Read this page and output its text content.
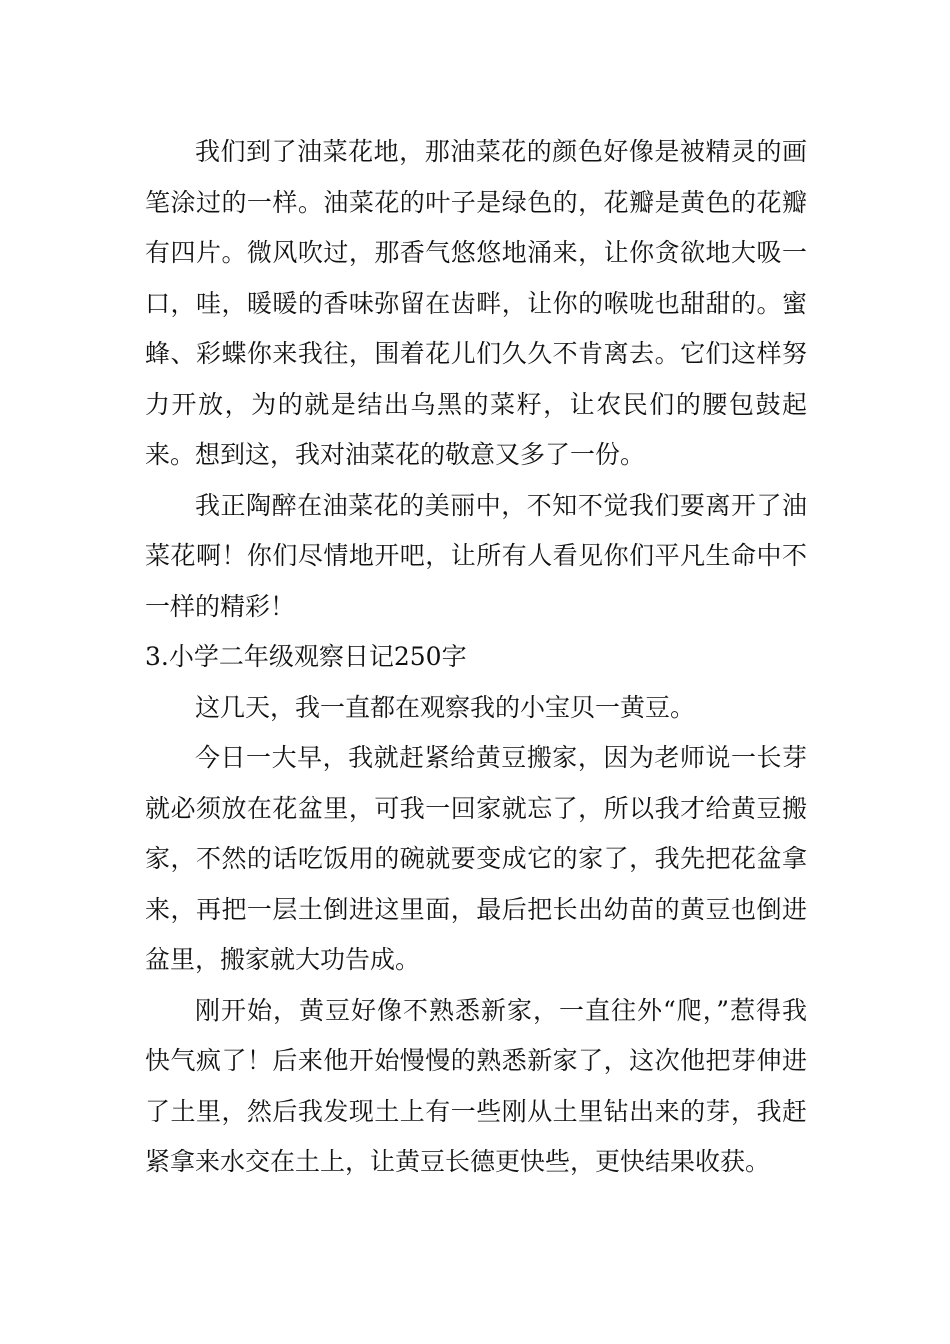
我们到了油菜花地，那油菜花的颜色好像是被精灵的画笔涂过的一样。油菜花的叶子是绿色的，花瓣是黄色的花瓣有四片。微风吹过，那香气悠悠地涌来，让你贪欲地大吸一口，哇，暖暖的香味弥留在齿畔，让你的喉咙也甜甜的。蜜蜂、彩蝶你来我往，围着花儿们久久不肯离去。它们这样努力开放，为的就是结出乌黑的菜籽，让农民们的腰包鼓起来。想到这，我对油菜花的敬意又多了一份。

我正陶醉在油菜花的美丽中，不知不觉我们要离开了油菜花啊！你们尽情地开吧，让所有人看见你们平凡生命中不一样的精彩！

3.小学二年级观察日记250字

这几天，我一直都在观察我的小宝贝一黄豆。

今日一大早，我就赶紧给黄豆搬家，因为老师说一长芽就必须放在花盆里，可我一回家就忘了，所以我才给黄豆搬家，不然的话吃饭用的碗就要变成它的家了，我先把花盆拿来，再把一层土倒进这里面，最后把长出幼苗的黄豆也倒进盆里，搬家就大功告成。

刚开始，黄豆好像不熟悉新家，一直往外“爬，”惹得我快气疯了！后来他开始慢慢的熟悉新家了，这次他把芽伸进了土里，然后我发现土上有一些刚从土里钻出来的芽，我赶紧拿来水交在土上，让黄豆长德更快些，更快结果收获。
